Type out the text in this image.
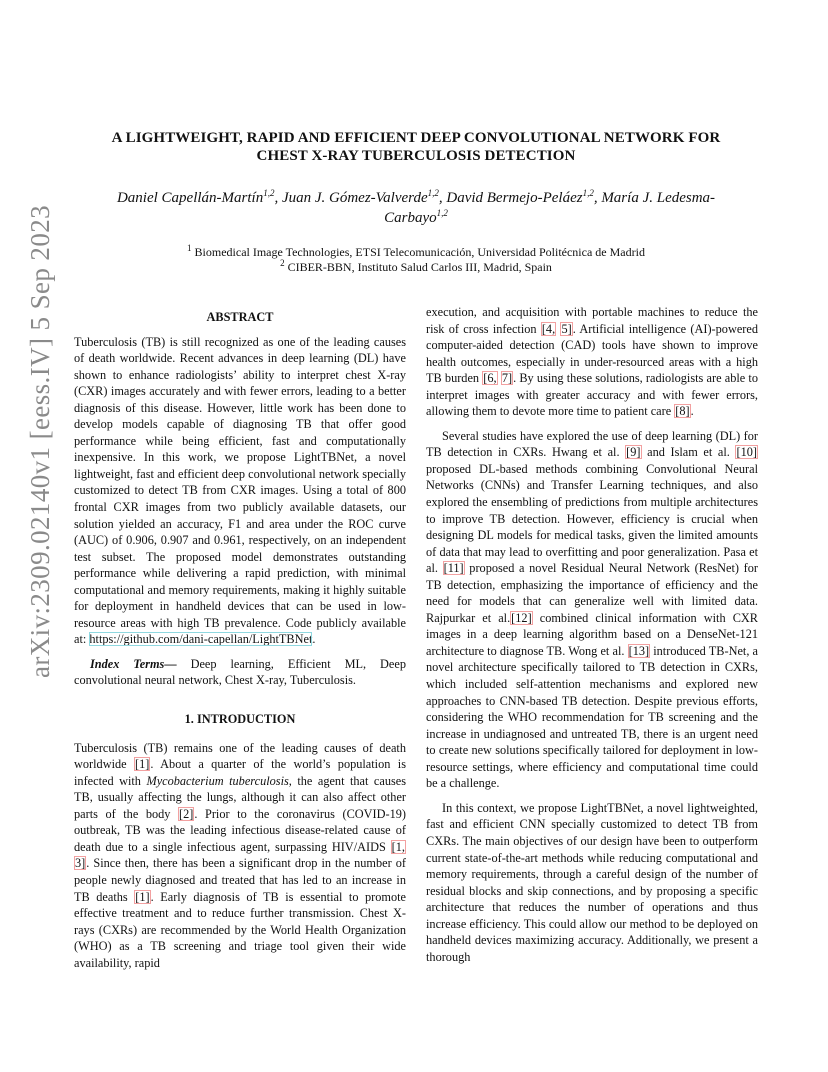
arXiv:2309.02140v1 [eess.IV] 5 Sep 2023
A LIGHTWEIGHT, RAPID AND EFFICIENT DEEP CONVOLUTIONAL NETWORK FOR
CHEST X-RAY TUBERCULOSIS DETECTION
Daniel Capellán-Martín$^{1,2}$, Juan J. Gómez-Valverde$^{1,2}$, David Bermejo-Peláez$^{1,2}$, María J. Ledesma-Carbayo$^{1,2}$
$^1$ Biomedical Image Technologies, ETSI Telecomunicación, Universidad Politécnica de Madrid
$^2$ CIBER-BBN, Instituto Salud Carlos III, Madrid, Spain
ABSTRACT

Tuberculosis (TB) is still recognized as one of the leading causes of death worldwide. Recent advances in deep learning (DL) have shown to enhance radiologists’ ability to interpret chest X-ray (CXR) images accurately and with fewer errors, leading to a better diagnosis of this disease. However, little work has been done to develop models capable of diagnosing TB that offer good performance while being efficient, fast and computationally inexpensive. In this work, we propose LightTBNet, a novel lightweight, fast and efficient deep convolutional network specially customized to detect TB from CXR images. Using a total of 800 frontal CXR images from two publicly available datasets, our solution yielded an accuracy, F1 and area under the ROC curve (AUC) of 0.906, 0.907 and 0.961, respectively, on an independent test subset. The proposed model demonstrates outstanding performance while delivering a rapid prediction, with minimal computational and memory requirements, making it highly suitable for deployment in handheld devices that can be used in low-resource areas with high TB prevalence. Code publicly available at: https://github.com/dani-capellan/LightTBNet.

Index Terms— Deep learning, Efficient ML, Deep convolutional neural network, Chest X-ray, Tuberculosis.

1. INTRODUCTION

Tuberculosis (TB) remains one of the leading causes of death worldwide [1]. About a quarter of the world’s population is infected with Mycobacterium tuberculosis, the agent that causes TB, usually affecting the lungs, although it can also affect other parts of the body [2]. Prior to the coronavirus (COVID-19) outbreak, TB was the leading infectious disease-related cause of death due to a single infectious agent, surpassing HIV/AIDS [1, 3]. Since then, there has been a significant drop in the number of people newly diagnosed and treated that has led to an increase in TB deaths [1]. Early diagnosis of TB is essential to promote effective treatment and to reduce further transmission. Chest X-rays (CXRs) are recommended by the World Health Organization (WHO) as a TB screening and triage tool given their wide availability, rapid

execution, and acquisition with portable machines to reduce the risk of cross infection [4, 5]. Artificial intelligence (AI)-powered computer-aided detection (CAD) tools have shown to improve health outcomes, especially in under-resourced areas with a high TB burden [6, 7]. By using these solutions, radiologists are able to interpret images with greater accuracy and with fewer errors, allowing them to devote more time to patient care [8].

Several studies have explored the use of deep learning (DL) for TB detection in CXRs. Hwang et al. [9] and Islam et al. [10] proposed DL-based methods combining Convolutional Neural Networks (CNNs) and Transfer Learning techniques, and also explored the ensembling of predictions from multiple architectures to improve TB detection. However, efficiency is crucial when designing DL models for medical tasks, given the limited amounts of data that may lead to overfitting and poor generalization. Pasa et al. [11] proposed a novel Residual Neural Network (ResNet) for TB detection, emphasizing the importance of efficiency and the need for models that can generalize well with limited data. Rajpurkar et al.[12] combined clinical information with CXR images in a deep learning algorithm based on a DenseNet-121 architecture to diagnose TB. Wong et al. [13] introduced TB-Net, a novel architecture specifically tailored to TB detection in CXRs, which included self-attention mechanisms and explored new approaches to CNN-based TB detection. Despite previous efforts, considering the WHO recommendation for TB screening and the increase in undiagnosed and untreated TB, there is an urgent need to create new solutions specifically tailored for deployment in low-resource settings, where efficiency and computational time could be a challenge.

In this context, we propose LightTBNet, a novel lightweighted, fast and efficient CNN specially customized to detect TB from CXRs. The main objectives of our design have been to outperform current state-of-the-art methods while reducing computational and memory requirements, through a careful design of the number of residual blocks and skip connections, and by proposing a specific architecture that reduces the number of operations and thus increase efficiency. This could allow our method to be deployed on handheld devices maximizing accuracy. Additionally, we present a thorough
